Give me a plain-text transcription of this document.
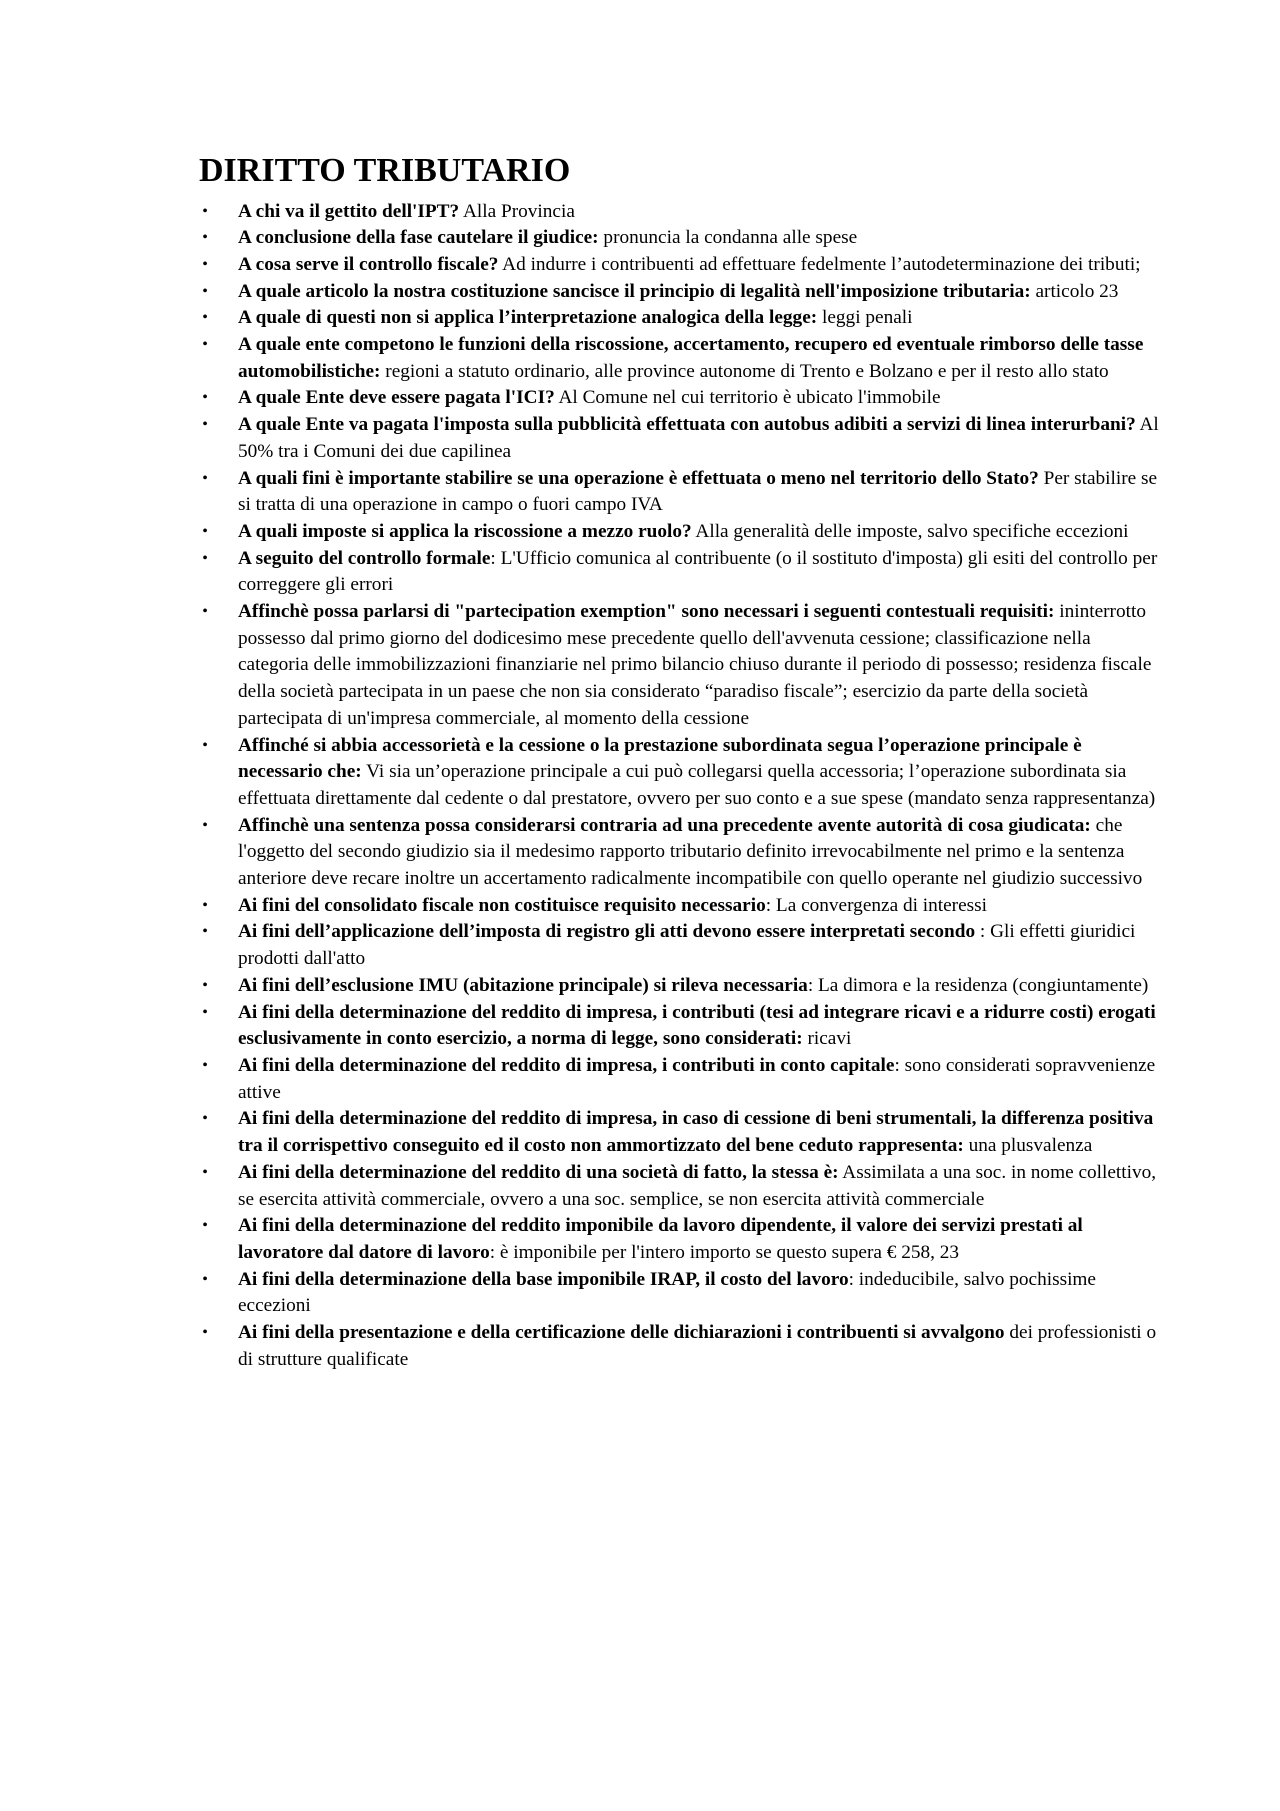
DIRITTO TRIBUTARIO
• A chi va il gettito dell'IPT? Alla Provincia
• A conclusione della fase cautelare il giudice: pronuncia la condanna alle spese
• A cosa serve il controllo fiscale? Ad indurre i contribuenti ad effettuare fedelmente l’autodeterminazione dei tributi;
• A quale articolo la nostra costituzione sancisce il principio di legalità nell'imposizione tributaria: articolo 23
• A quale di questi non si applica l’interpretazione analogica della legge: leggi penali
• A quale ente competono le funzioni della riscossione, accertamento, recupero ed eventuale rimborso delle tasse automobilistiche: regioni a statuto ordinario, alle province autonome di Trento e Bolzano e per il resto allo stato
• A quale Ente deve essere pagata l'ICI? Al Comune nel cui territorio è ubicato l'immobile
• A quale Ente va pagata l'imposta sulla pubblicità effettuata con autobus adibiti a servizi di linea interurbani? Al 50% tra i Comuni dei due capilinea
• A quali fini è importante stabilire se una operazione è effettuata o meno nel territorio dello Stato? Per stabilire se si tratta di una operazione in campo o fuori campo IVA
• A quali imposte si applica la riscossione a mezzo ruolo? Alla generalità delle imposte, salvo specifiche eccezioni
• A seguito del controllo formale: L'Ufficio comunica al contribuente (o il sostituto d'imposta) gli esiti del controllo per correggere gli errori
• Affinchè possa parlarsi di "partecipation exemption" sono necessari i seguenti contestuali requisiti: ininterrotto possesso dal primo giorno del dodicesimo mese precedente quello dell'avvenuta cessione; classificazione nella categoria delle immobilizzazioni finanziarie nel primo bilancio chiuso durante il periodo di possesso; residenza fiscale della società partecipata in un paese che non sia considerato “paradiso fiscale”; esercizio da parte della società partecipata di un'impresa commerciale, al momento della cessione
• Affinché si abbia accessorietà e la cessione o la prestazione subordinata segua l’operazione principale è necessario che: Vi sia un’operazione principale a cui può collegarsi quella accessoria; l’operazione subordinata sia effettuata direttamente dal cedente o dal prestatore, ovvero per suo conto e a sue spese (mandato senza rappresentanza)
• Affinchè una sentenza possa considerarsi contraria ad una precedente avente autorità di cosa giudicata: che l'oggetto del secondo giudizio sia il medesimo rapporto tributario definito irrevocabilmente nel primo e la sentenza anteriore deve recare inoltre un accertamento radicalmente incompatibile con quello operante nel giudizio successivo
• Ai fini del consolidato fiscale non costituisce requisito necessario: La convergenza di interessi
• Ai fini dell’applicazione dell’imposta di registro gli atti devono essere interpretati secondo : Gli effetti giuridici prodotti dall'atto
• Ai fini dell’esclusione IMU (abitazione principale) si rileva necessaria: La dimora e la residenza (congiuntamente)
• Ai fini della determinazione del reddito di impresa, i contributi (tesi ad integrare ricavi e a ridurre costi) erogati esclusivamente in conto esercizio, a norma di legge, sono considerati: ricavi
• Ai fini della determinazione del reddito di impresa, i contributi in conto capitale: sono considerati sopravvenienze attive
• Ai fini della determinazione del reddito di impresa, in caso di cessione di beni strumentali, la differenza positiva tra il corrispettivo conseguito ed il costo non ammortizzato del bene ceduto rappresenta: una plusvalenza
• Ai fini della determinazione del reddito di una società di fatto, la stessa è: Assimilata a una soc. in nome collettivo, se esercita attività commerciale, ovvero a una soc. semplice, se non esercita attività commerciale
• Ai fini della determinazione del reddito imponibile da lavoro dipendente, il valore dei servizi prestati al lavoratore dal datore di lavoro: è imponibile per l'intero importo se questo supera € 258, 23
• Ai fini della determinazione della base imponibile IRAP, il costo del lavoro: indeducibile, salvo pochissime eccezioni
• Ai fini della presentazione e della certificazione delle dichiarazioni i contribuenti si avvalgono dei professionisti o di strutture qualificate
